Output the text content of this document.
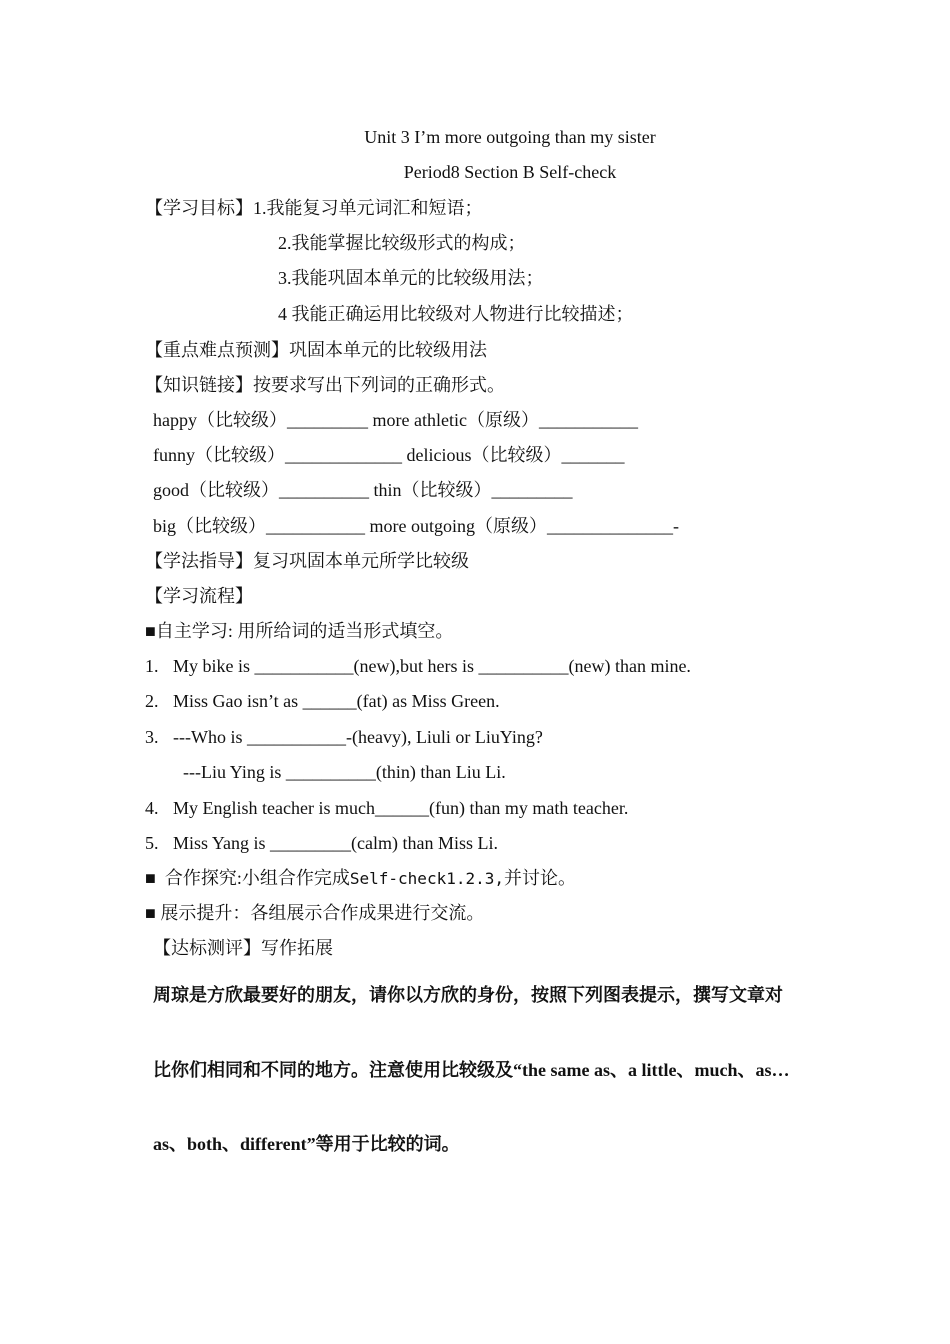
Unit 3 I’m more outgoing than my sister
Period8 Section B Self-check
【学习目标】1.我能复习单元词汇和短语；
2.我能掌握比较级形式的构成；
3.我能巩固本单元的比较级用法；
4 我能正确运用比较级对人物进行比较描述；
【重点难点预测】巩固本单元的比较级用法
【知识链接】按要求写出下列词的正确形式。
happy（比较级）_________ more athletic（原级）___________
funny（比较级）_____________ delicious（比较级）_______
good（比较级）__________ thin（比较级）_________
big（比较级）___________ more outgoing（原级）______________-
【学法指导】复习巩固本单元所学比较级
【学习流程】
■自主学习: 用所给词的适当形式填空。
1. My bike is ___________(new),but hers is __________(new) than mine.
2. Miss Gao isn’t as ______(fat) as Miss Green.
3. ---Who is ___________-(heavy), Liuli or LiuYing?
---Liu Ying is __________(thin) than Liu Li.
4. My English teacher is much______(fun) than my math teacher.
5. Miss Yang is _________(calm) than Miss Li.
■ 合作探究:小组合作完成Self-check1.2.3,并讨论。
■ 展示提升：各组展示合作成果进行交流。
【达标测评】写作拓展
周琼是方欣最要好的朋友，请你以方欣的身份，按照下列图表提示，撰写文章对
比你们相同和不同的地方。注意使用比较级及“the same as、a little、much、as…
as、both、different”等用于比较的词。
